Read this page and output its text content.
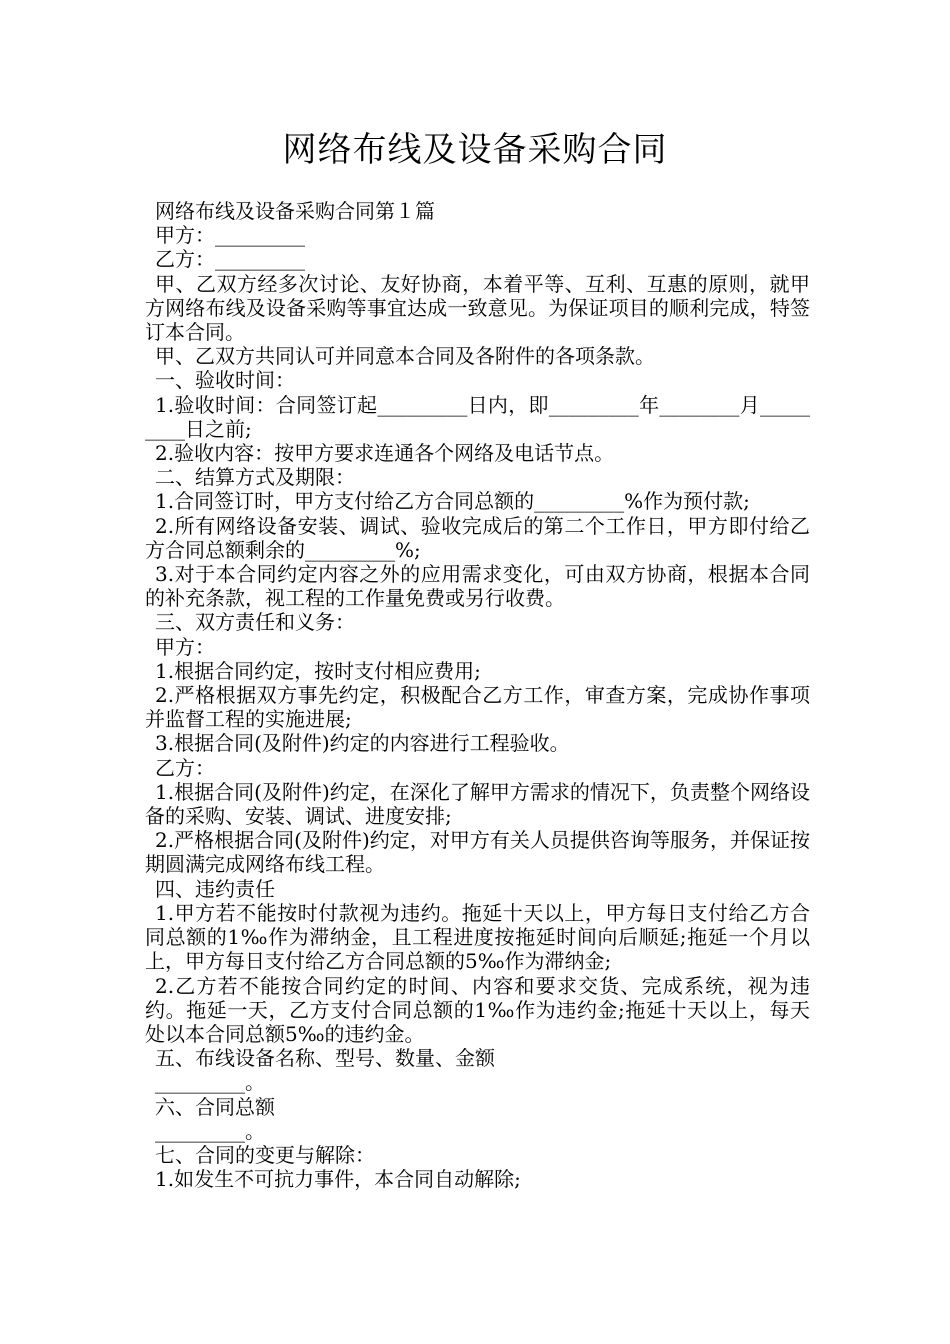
网络布线及设备采购合同

网络布线及设备采购合同第１篇

甲方：_________

乙方：_________

甲、乙双方经多次讨论、友好协商，本着平等、互利、互惠的原则，就甲方网络布线及设备采购等事宜达成一致意见。为保证项目的顺利完成，特签订本合同。

甲、乙双方共同认可并同意本合同及各附件的各项条款。

一、验收时间：

1.验收时间：合同签订起_________日内，即_________年________月_________日之前;

2.验收内容：按甲方要求连通各个网络及电话节点。

二、结算方式及期限：

1.合同签订时，甲方支付给乙方合同总额的_________%作为预付款;

2.所有网络设备安装、调试、验收完成后的第二个工作日，甲方即付给乙方合同总额剩余的_________%;

3.对于本合同约定内容之外的应用需求变化，可由双方协商，根据本合同的补充条款，视工程的工作量免费或另行收费。

三、双方责任和义务：

甲方：

1.根据合同约定，按时支付相应费用;

2.严格根据双方事先约定，积极配合乙方工作，审查方案，完成协作事项并监督工程的实施进展;

3.根据合同(及附件)约定的内容进行工程验收。

乙方：

1.根据合同(及附件)约定，在深化了解甲方需求的情况下，负责整个网络设备的采购、安装、调试、进度安排;

2.严格根据合同(及附件)约定，对甲方有关人员提供咨询等服务，并保证按期圆满完成网络布线工程。

四、违约责任

1.甲方若不能按时付款视为违约。拖延十天以上，甲方每日支付给乙方合同总额的1‰作为滞纳金，且工程进度按拖延时间向后顺延;拖延一个月以上，甲方每日支付给乙方合同总额的5‰作为滞纳金;

2.乙方若不能按合同约定的时间、内容和要求交货、完成系统，视为违约。拖延一天，乙方支付合同总额的1‰作为违约金;拖延十天以上，每天处以本合同总额5‰的违约金。

五、布线设备名称、型号、数量、金额

_________。

六、合同总额

_________。

七、合同的变更与解除：

1.如发生不可抗力事件，本合同自动解除;
